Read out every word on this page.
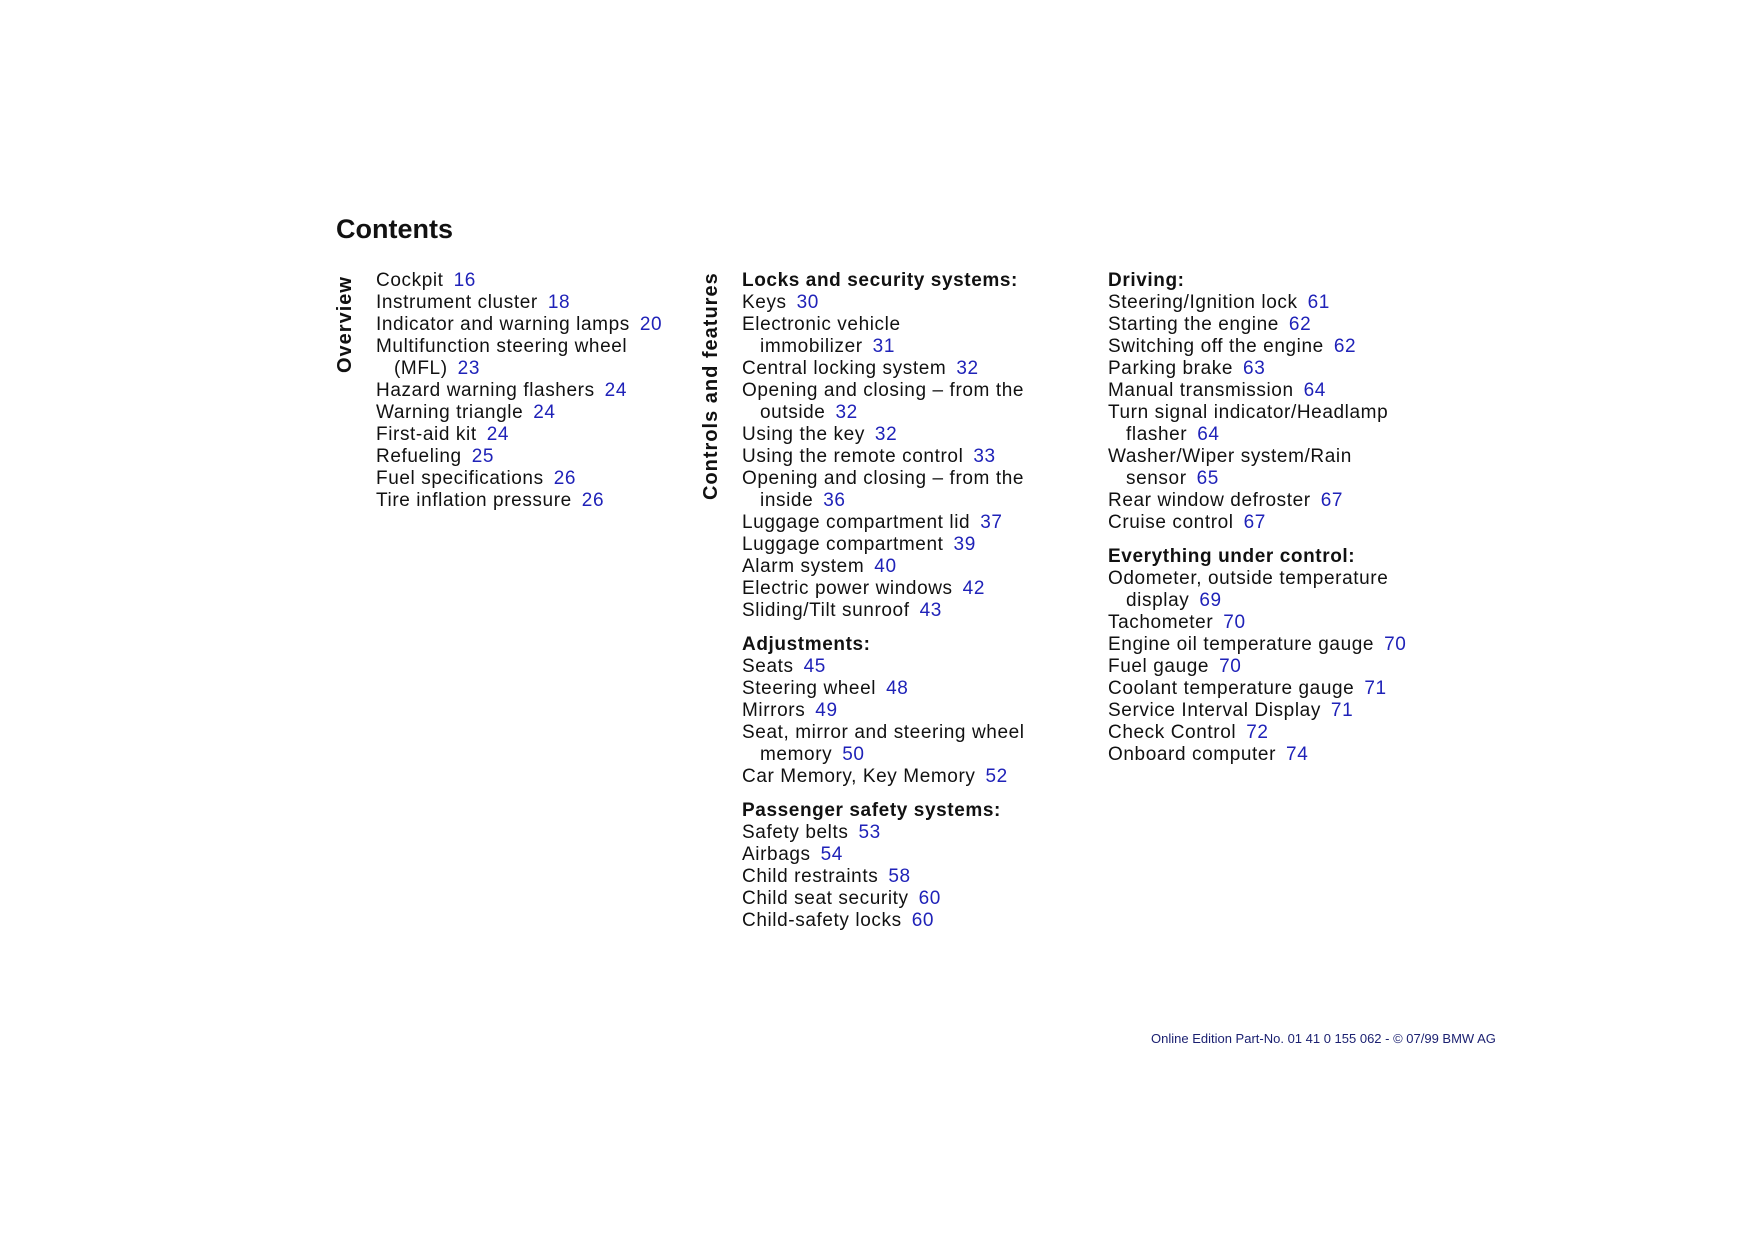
Contents
Overview	Controls and features
Cockpit 16
Instrument cluster 18
Indicator and warning lamps 20
Multifunction steering wheel
(MFL) 23
Hazard warning flashers 24
Warning triangle 24
First-aid kit 24
Refueling 25
Fuel specifications 26
Tire inflation pressure 26
Locks and security systems:
Keys 30
Electronic vehicle
immobilizer 31
Central locking system 32
Opening and closing – from the
outside 32
Using the key 32
Using the remote control 33
Opening and closing – from the
inside 36
Luggage compartment lid 37
Luggage compartment 39
Alarm system 40
Electric power windows 42
Sliding/Tilt sunroof 43
Adjustments:
Seats 45
Steering wheel 48
Mirrors 49
Seat, mirror and steering wheel
memory 50
Car Memory, Key Memory 52
Passenger safety systems:
Safety belts 53
Airbags 54
Child restraints 58
Child seat security 60
Child-safety locks 60
Driving:
Steering/Ignition lock 61
Starting the engine 62
Switching off the engine 62
Parking brake 63
Manual transmission 64
Turn signal indicator/Headlamp
flasher 64
Washer/Wiper system/Rain
sensor 65
Rear window defroster 67
Cruise control 67
Everything under control:
Odometer, outside temperature
display 69
Tachometer 70
Engine oil temperature gauge 70
Fuel gauge 70
Coolant temperature gauge 71
Service Interval Display 71
Check Control 72
Onboard computer 74
Online Edition Part-No. 01 41 0 155 062 - © 07/99 BMW AG
